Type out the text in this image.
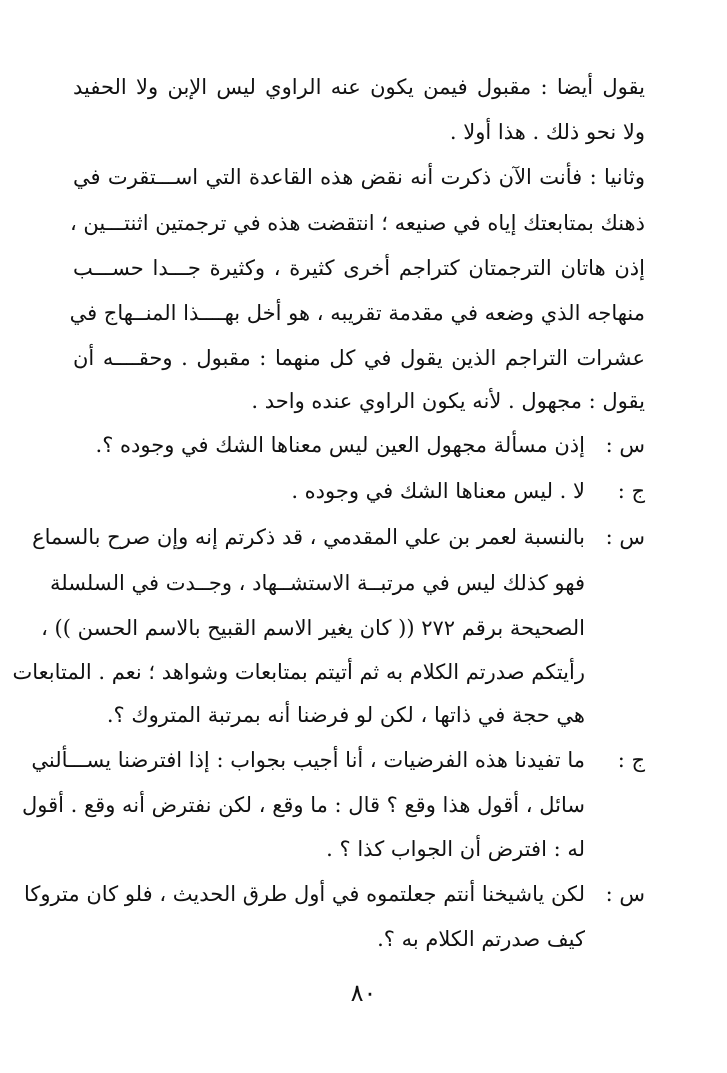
يقول أيضا : مقبول فيمن يكون عنه الراوي ليس الإبن ولا الحفيد
ولا نحو ذلك . هذا أولا .
وثانيا : فأنت الآن ذكرت أنه نقض هذه القاعدة التي اســـتقرت في
ذهنك بمتابعتك إياه في صنيعه ؛ انتقضت هذه في ترجمتين اثنتـــين ،
إذن هاتان الترجمتان كتراجم أخرى كثيرة ، وكثيرة جـــدا حســـب
منهاجه الذي وضعه في مقدمة تقريبه ، هو أخل بهــــذا المنــهاج في
عشرات التراجم الذين يقول في كل منهما : مقبول . وحقــــه أن
يقول : مجهول . لأنه يكون الراوي عنده واحد .
س :
إذن مسألة مجهول العين ليس معناها الشك في وجوده ؟.
ج :
لا . ليس معناها الشك في وجوده .
س :
بالنسبة لعمر بن علي المقدمي ، قد ذكرتم إنه وإن صرح بالسماع
فهو كذلك ليس في مرتبــة الاستشــهاد ، وجــدت في السلسلة
الصحيحة برقم ٢٧٢ (( كان يغير الاسم القبيح بالاسم الحسن )) ،
رأيتكم صدرتم الكلام به ثم أتيتم بمتابعات وشواهد ؛ نعم . المتابعات
هي حجة في ذاتها ، لكن لو فرضنا أنه بمرتبة المتروك ؟.
ج :
ما تفيدنا هذه الفرضيات ، أنا أجيب بجواب : إذا افترضنا يســـألني
سائل ، أقول هذا وقع ؟ قال : ما وقع ، لكن نفترض أنه وقع . أقول
له : افترض أن الجواب كذا ؟ .
س :
لكن ياشيخنا أنتم جعلتموه في أول طرق الحديث ، فلو كان متروكا
كيف صدرتم الكلام به ؟.
٨٠
